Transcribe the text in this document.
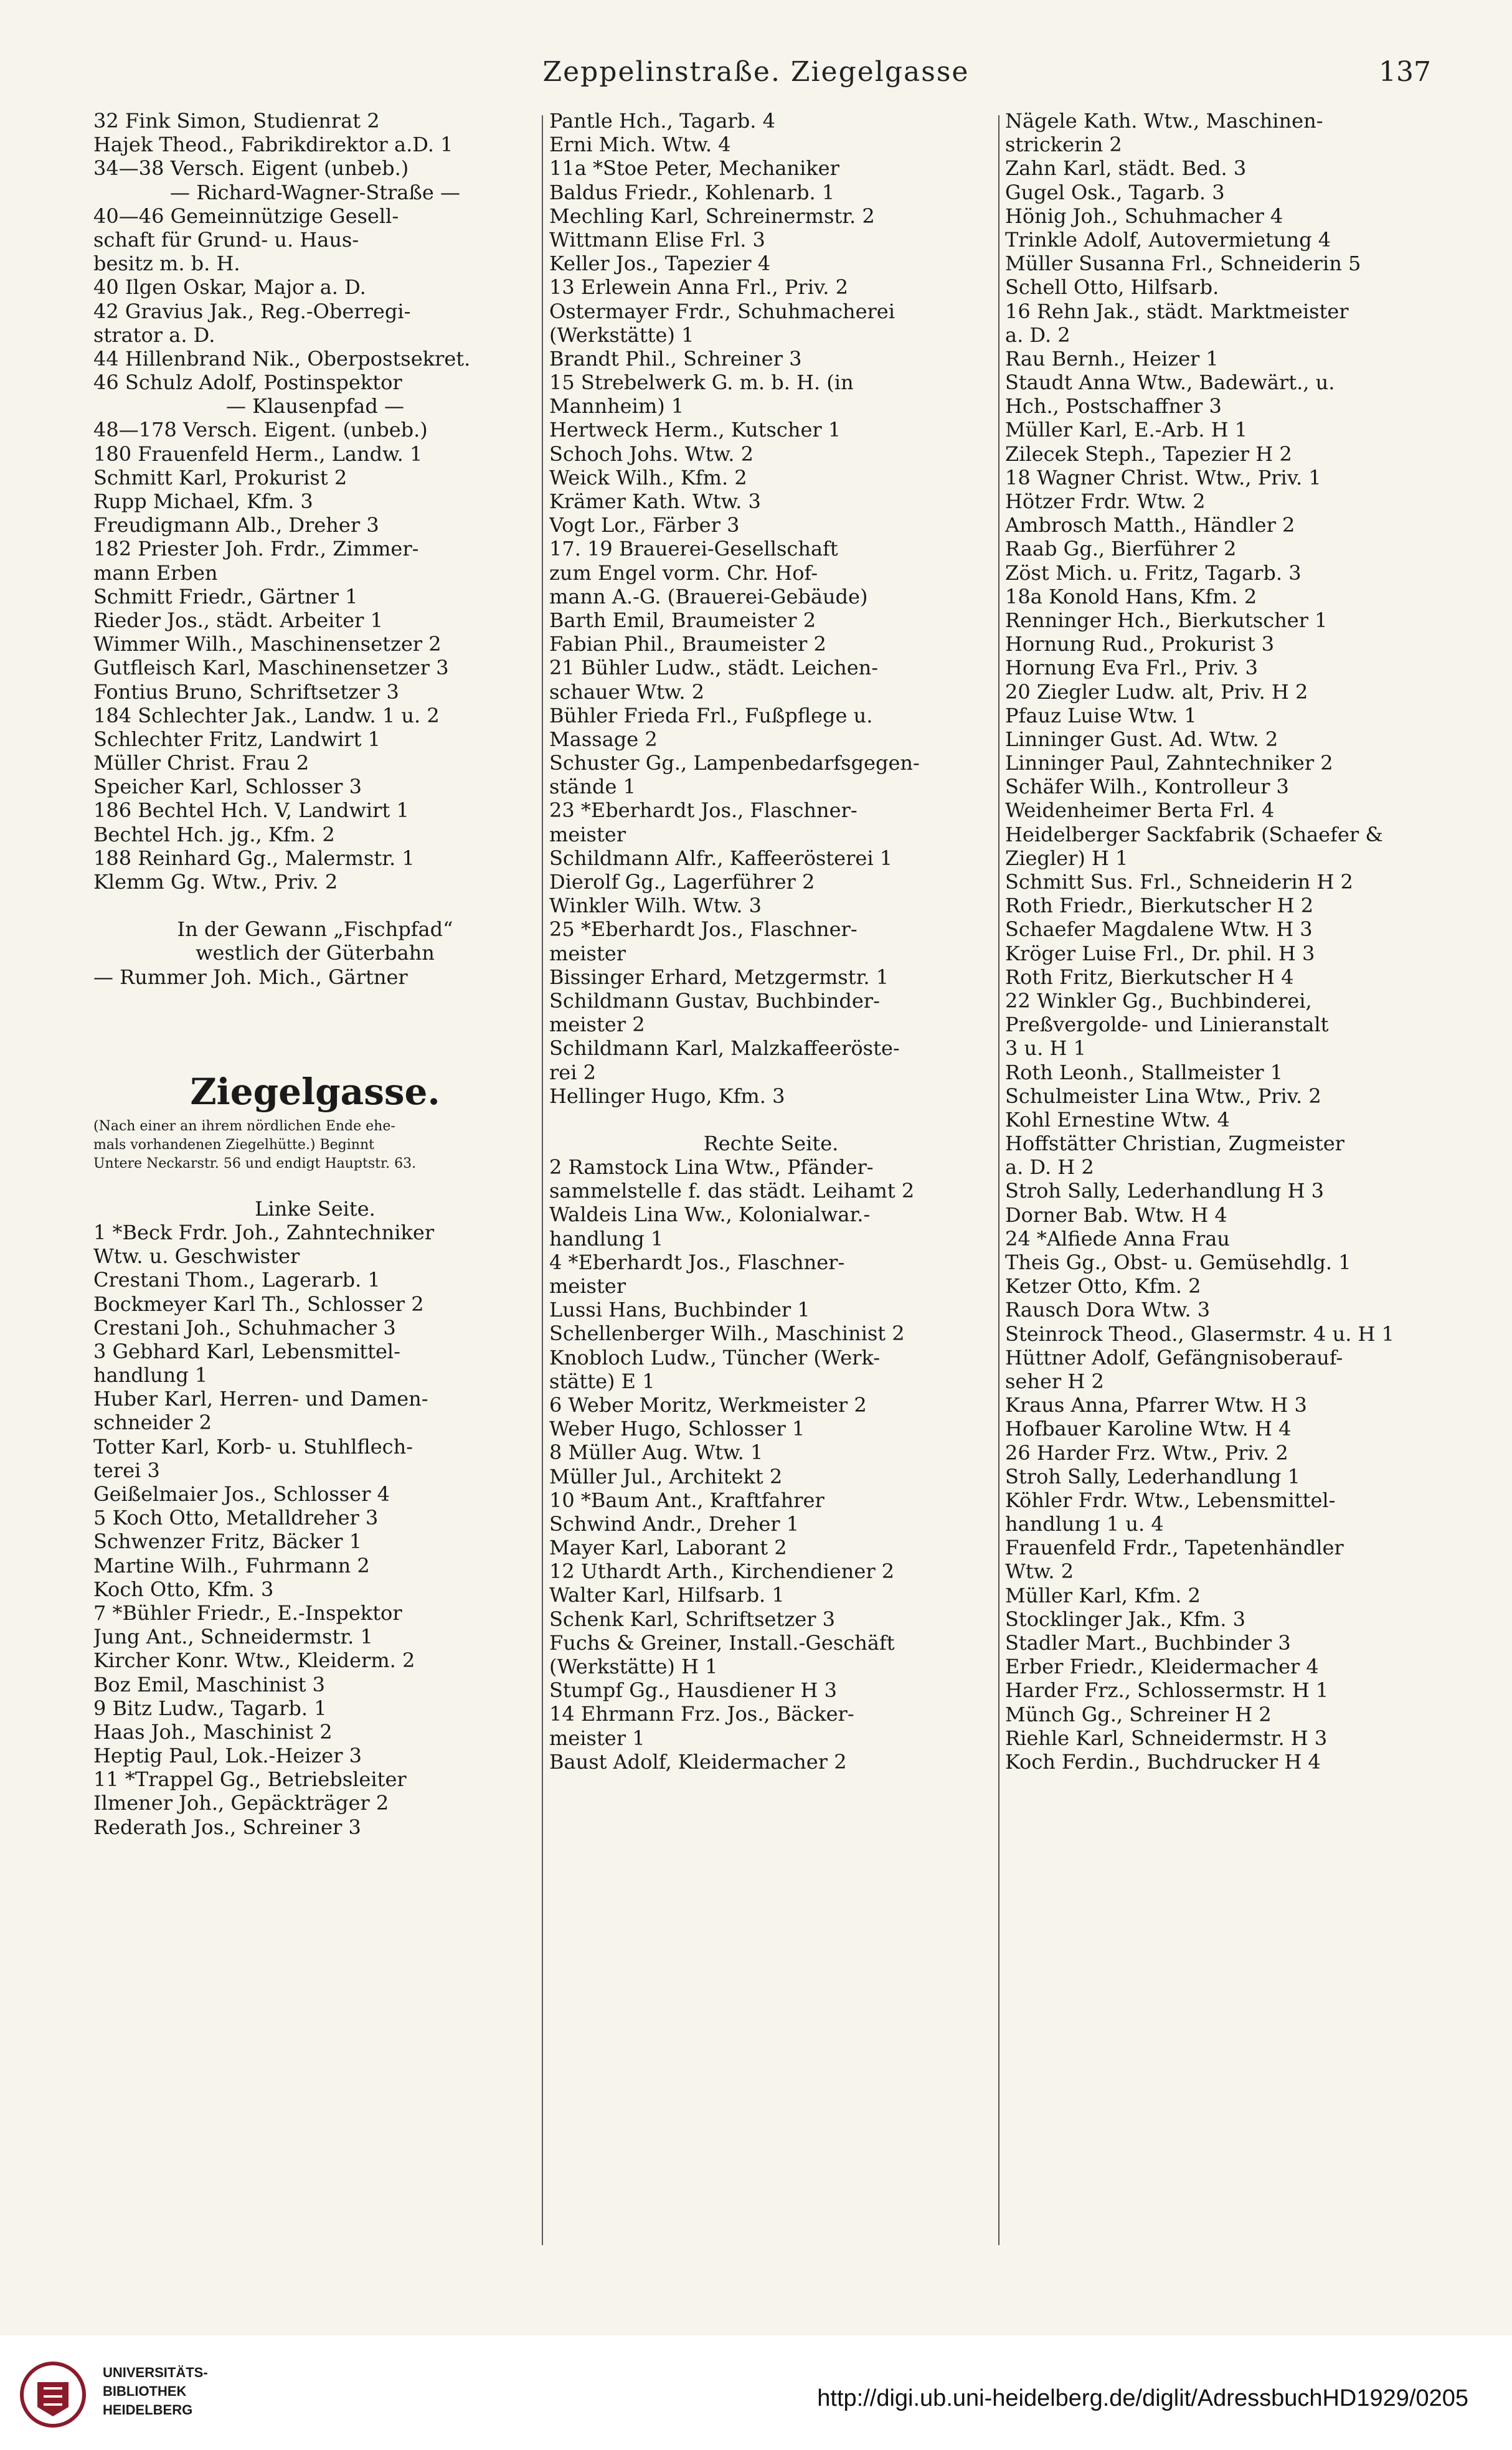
Zeppelinstraße. Ziegelgasse	137
32 Fink Simon, Studienrat 2
Hajek Theod., Fabrikdirektor a.D. 1
34—38 Versch. Eigent (unbeb.)
— Richard-Wagner-Straße —
40—46 Gemeinnützige Gesell-
schaft für Grund- u. Haus-
besitz m. b. H.
40 Ilgen Oskar, Major a. D.
42 Gravius Jak., Reg.-Oberregi-
strator a. D.
44 Hillenbrand Nik., Oberpostsekret.
46 Schulz Adolf, Postinspektor
— Klausenpfad —
48—178 Versch. Eigent. (unbeb.)
180 Frauenfeld Herm., Landw. 1
Schmitt Karl, Prokurist 2
Rupp Michael, Kfm. 3
Freudigmann Alb., Dreher 3
182 Priester Joh. Frdr., Zimmer-
mann Erben
Schmitt Friedr., Gärtner 1
Rieder Jos., städt. Arbeiter 1
Wimmer Wilh., Maschinensetzer 2
Gutfleisch Karl, Maschinensetzer 3
Fontius Bruno, Schriftsetzer 3
184 Schlechter Jak., Landw. 1 u. 2
Schlechter Fritz, Landwirt 1
Müller Christ. Frau 2
Speicher Karl, Schlosser 3
186 Bechtel Hch. V, Landwirt 1
Bechtel Hch. jg., Kfm. 2
188 Reinhard Gg., Malermstr. 1
Klemm Gg. Wtw., Priv. 2
In der Gewann „Fischpfad“
westlich der Güterbahn
— Rummer Joh. Mich., Gärtner
Ziegelgasse.
(Nach einer an ihrem nördlichen Ende ehe-
mals vorhandenen Ziegelhütte.) Beginnt
Untere Neckarstr. 56 und endigt Hauptstr. 63.
Linke Seite.
1 *Beck Frdr. Joh., Zahntechniker
Wtw. u. Geschwister
Crestani Thom., Lagerarb. 1
Bockmeyer Karl Th., Schlosser 2
Crestani Joh., Schuhmacher 3
3 Gebhard Karl, Lebensmittel-
handlung 1
Huber Karl, Herren- und Damen-
schneider 2
Totter Karl, Korb- u. Stuhlflech-
terei 3
Geißelmaier Jos., Schlosser 4
5 Koch Otto, Metalldreher 3
Schwenzer Fritz, Bäcker 1
Martine Wilh., Fuhrmann 2
Koch Otto, Kfm. 3
7 *Bühler Friedr., E.-Inspektor
Jung Ant., Schneidermstr. 1
Kircher Konr. Wtw., Kleiderm. 2
Boz Emil, Maschinist 3
9 Bitz Ludw., Tagarb. 1
Haas Joh., Maschinist 2
Heptig Paul, Lok.-Heizer 3
11 *Trappel Gg., Betriebsleiter
Ilmener Joh., Gepäckträger 2
Rederath Jos., Schreiner 3
Pantle Hch., Tagarb. 4
Erni Mich. Wtw. 4
11a *Stoe Peter, Mechaniker
Baldus Friedr., Kohlenarb. 1
Mechling Karl, Schreinermstr. 2
Wittmann Elise Frl. 3
Keller Jos., Tapezier 4
13 Erlewein Anna Frl., Priv. 2
Ostermayer Frdr., Schuhmacherei
(Werkstätte) 1
Brandt Phil., Schreiner 3
15 Strebelwerk G. m. b. H. (in
Mannheim) 1
Hertweck Herm., Kutscher 1
Schoch Johs. Wtw. 2
Weick Wilh., Kfm. 2
Krämer Kath. Wtw. 3
Vogt Lor., Färber 3
17. 19 Brauerei-Gesellschaft
zum Engel vorm. Chr. Hof-
mann A.-G. (Brauerei-Gebäude)
Barth Emil, Braumeister 2
Fabian Phil., Braumeister 2
21 Bühler Ludw., städt. Leichen-
schauer Wtw. 2
Bühler Frieda Frl., Fußpflege u.
Massage 2
Schuster Gg., Lampenbedarfsgegen-
stände 1
23 *Eberhardt Jos., Flaschner-
meister
Schildmann Alfr., Kaffeerösterei 1
Dierolf Gg., Lagerführer 2
Winkler Wilh. Wtw. 3
25 *Eberhardt Jos., Flaschner-
meister
Bissinger Erhard, Metzgermstr. 1
Schildmann Gustav, Buchbinder-
meister 2
Schildmann Karl, Malzkaffeeröste-
rei 2
Hellinger Hugo, Kfm. 3
Rechte Seite.
2 Ramstock Lina Wtw., Pfänder-
sammelstelle f. das städt. Leihamt 2
Waldeis Lina Ww., Kolonialwar.-
handlung 1
4 *Eberhardt Jos., Flaschner-
meister
Lussi Hans, Buchbinder 1
Schellenberger Wilh., Maschinist 2
Knobloch Ludw., Tüncher (Werk-
stätte) E 1
6 Weber Moritz, Werkmeister 2
Weber Hugo, Schlosser 1
8 Müller Aug. Wtw. 1
Müller Jul., Architekt 2
10 *Baum Ant., Kraftfahrer
Schwind Andr., Dreher 1
Mayer Karl, Laborant 2
12 Uthardt Arth., Kirchendiener 2
Walter Karl, Hilfsarb. 1
Schenk Karl, Schriftsetzer 3
Fuchs & Greiner, Install.-Geschäft
(Werkstätte) H 1
Stumpf Gg., Hausdiener H 3
14 Ehrmann Frz. Jos., Bäcker-
meister 1
Baust Adolf, Kleidermacher 2
Nägele Kath. Wtw., Maschinen-
strickerin 2
Zahn Karl, städt. Bed. 3
Gugel Osk., Tagarb. 3
Hönig Joh., Schuhmacher 4
Trinkle Adolf, Autovermietung 4
Müller Susanna Frl., Schneiderin 5
Schell Otto, Hilfsarb.
16 Rehn Jak., städt. Marktmeister
a. D. 2
Rau Bernh., Heizer 1
Staudt Anna Wtw., Badewärt., u.
Hch., Postschaffner 3
Müller Karl, E.-Arb. H 1
Zilecek Steph., Tapezier H 2
18 Wagner Christ. Wtw., Priv. 1
Hötzer Frdr. Wtw. 2
Ambrosch Matth., Händler 2
Raab Gg., Bierführer 2
Zöst Mich. u. Fritz, Tagarb. 3
18a Konold Hans, Kfm. 2
Renninger Hch., Bierkutscher 1
Hornung Rud., Prokurist 3
Hornung Eva Frl., Priv. 3
20 Ziegler Ludw. alt, Priv. H 2
Pfauz Luise Wtw. 1
Linninger Gust. Ad. Wtw. 2
Linninger Paul, Zahntechniker 2
Schäfer Wilh., Kontrolleur 3
Weidenheimer Berta Frl. 4
Heidelberger Sackfabrik (Schaefer &
Ziegler) H 1
Schmitt Sus. Frl., Schneiderin H 2
Roth Friedr., Bierkutscher H 2
Schaefer Magdalene Wtw. H 3
Kröger Luise Frl., Dr. phil. H 3
Roth Fritz, Bierkutscher H 4
22 Winkler Gg., Buchbinderei,
Preßvergolde- und Linieranstalt
3 u. H 1
Roth Leonh., Stallmeister 1
Schulmeister Lina Wtw., Priv. 2
Kohl Ernestine Wtw. 4
Hoffstätter Christian, Zugmeister
a. D. H 2
Stroh Sally, Lederhandlung H 3
Dorner Bab. Wtw. H 4
24 *Alfiede Anna Frau
Theis Gg., Obst- u. Gemüsehdlg. 1
Ketzer Otto, Kfm. 2
Rausch Dora Wtw. 3
Steinrock Theod., Glasermstr. 4 u. H 1
Hüttner Adolf, Gefängnisoberauf-
seher H 2
Kraus Anna, Pfarrer Wtw. H 3
Hofbauer Karoline Wtw. H 4
26 Harder Frz. Wtw., Priv. 2
Stroh Sally, Lederhandlung 1
Köhler Frdr. Wtw., Lebensmittel-
handlung 1 u. 4
Frauenfeld Frdr., Tapetenhändler
Wtw. 2
Müller Karl, Kfm. 2
Stocklinger Jak., Kfm. 3
Stadler Mart., Buchbinder 3
Erber Friedr., Kleidermacher 4
Harder Frz., Schlossermstr. H 1
Münch Gg., Schreiner H 2
Riehle Karl, Schneidermstr. H 3
Koch Ferdin., Buchdrucker H 4
UNIVERSITÄTS-
BIBLIOTHEK
HEIDELBERG	http://digi.ub.uni-heidelberg.de/diglit/AdressbuchHD1929/0205
